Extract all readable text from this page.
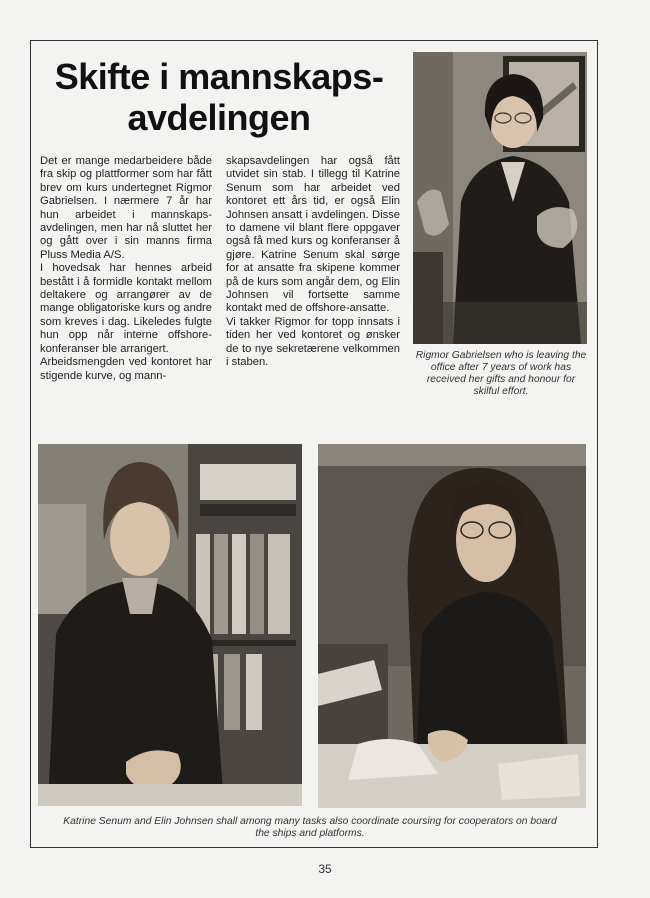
Skifte i mannskaps-
avdelingen

Det er mange medarbeidere både fra skip og plattformer som har fått brev om kurs undertegnet Rigmor Gabrielsen. I nærmere 7 år har hun arbeidet i mannskaps-avdelingen, men har nå sluttet her og gått over i sin manns firma Pluss Media A/S.

I hovedsak har hennes arbeid bestått i å formidle kontakt mellom deltakere og arrangører av de mange obligatoriske kurs og andre som kreves i dag. Likeledes fulgte hun opp når interne offshore-konferanser ble arrangert.

Arbeidsmengden ved kontoret har stigende kurve, og mann-

skapsavdelingen har også fått utvidet sin stab. I tillegg til Katrine Senum som har arbeidet ved kontoret ett års tid, er også Elin Johnsen ansatt i avdelingen. Disse to damene vil blant flere oppgaver også få med kurs og konferanser å gjøre. Katrine Senum skal sørge for at ansatte fra skipene kommer på de kurs som angår dem, og Elin Johnsen vil fortsette samme kontakt med de offshore-ansatte.

Vi takker Rigmor for topp innsats i tiden her ved kontoret og ønsker de to nye sekretærene velkommen i staben.

Rigmor Gabrielsen who is leaving the office after 7 years of work has received her gifts and honour for skilful effort.
Katrine Senum and Elin Johnsen shall among many tasks also coordinate coursing for cooperators on board the ships and platforms.
35
